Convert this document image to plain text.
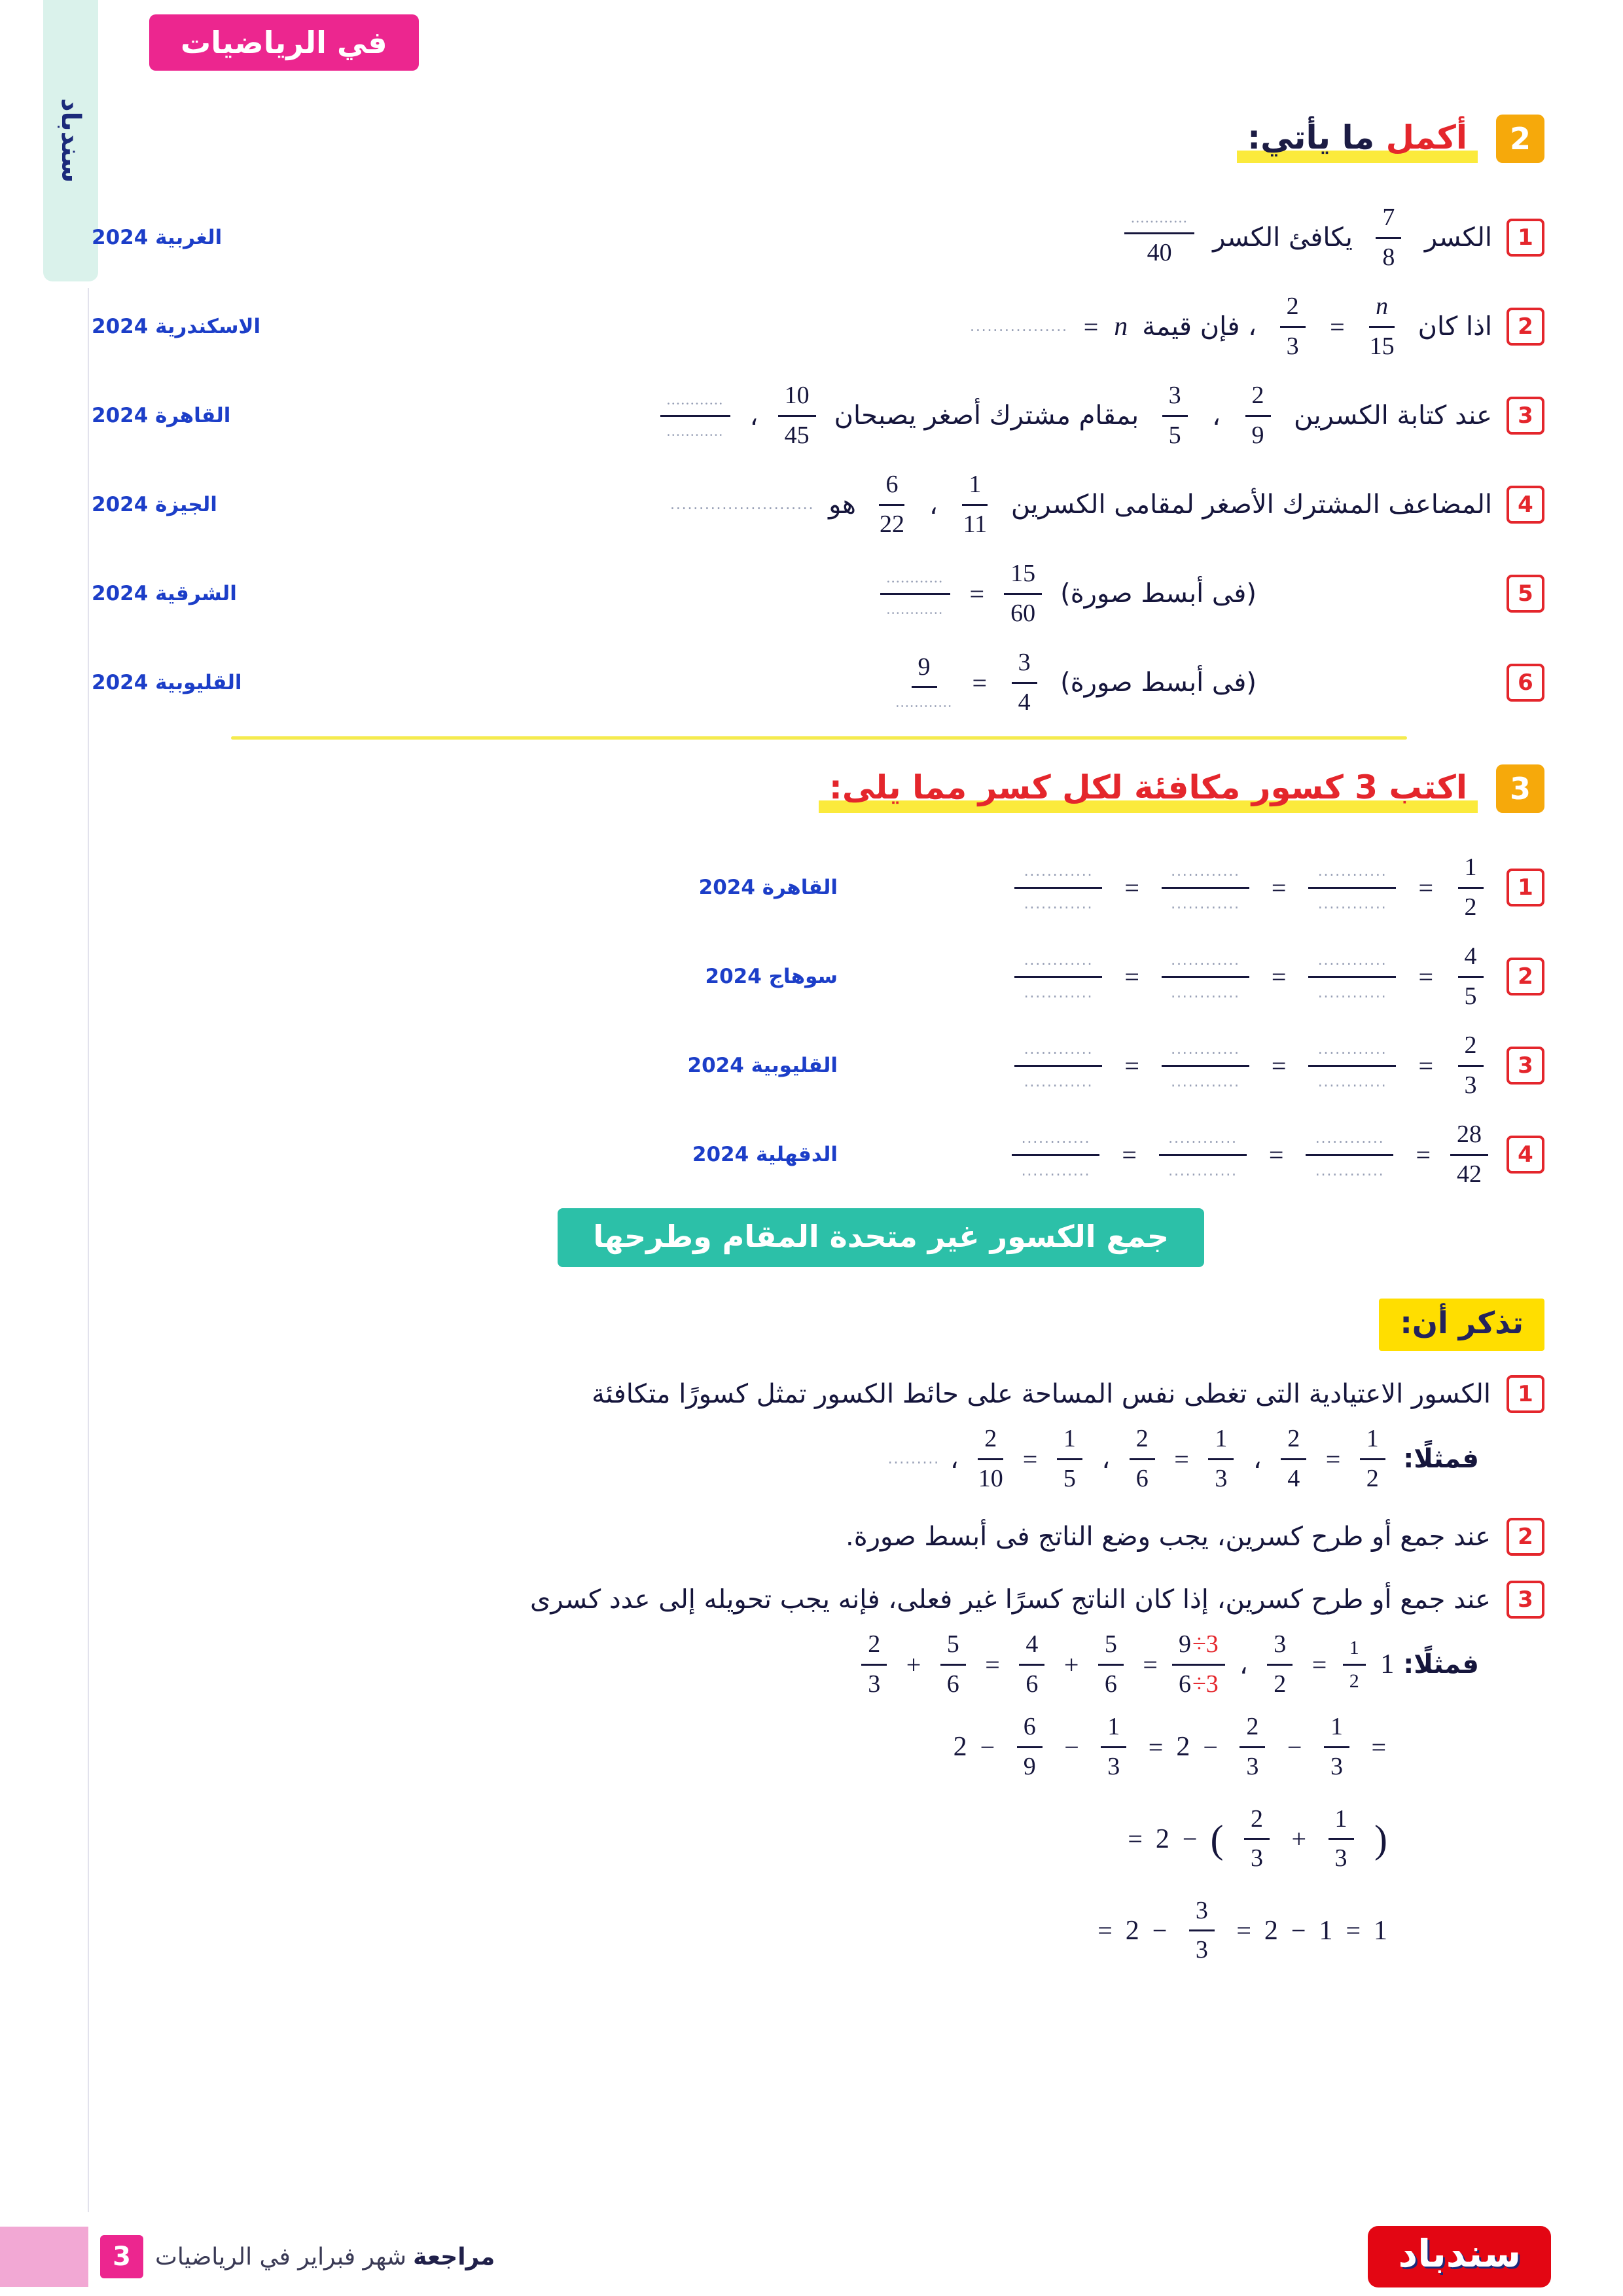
سندباد
في الرياضيات
2
أكمل ما يأتي:
1
الكسر
$\frac{7}{8}$
يكافئ الكسر
$\frac{............}{40}$
الغربية 2024
2
اذا كان
$\frac{n}{15}$
=
$\frac{2}{3}$
، فإن قيمة
n
=
.................
الاسكندرية 2024
3
عند كتابة الكسرين
$\frac{2}{9}$
،
$\frac{3}{5}$
بمقام مشترك أصغر يصبحان
$\frac{10}{45}$
،
$\frac{............}{............}$
القاهرة 2024
4
المضاعف المشترك الأصغر لمقامى الكسرين
$\frac{1}{11}$
،
$\frac{6}{22}$
هو
.........................
الجيزة 2024
5
(فى أبسط صورة)
$\frac{15}{60}$
=
$\frac{............}{............}$
الشرقية 2024
6
(فى أبسط صورة)
$\frac{3}{4}$
=
$\frac{9}{............}$
القليوبية 2024
3
اكتب 3 كسور مكافئة لكل كسر مما يلى:
1
$\frac{1}{2}$
=
............
............
=
............
............
=
............
............
القاهرة 2024
2
$\frac{4}{5}$
=
............
............
=
............
............
=
............
............
سوهاج 2024
3
$\frac{2}{3}$
=
............
............
=
............
............
=
............
............
القليوبية 2024
4
$\frac{28}{42}$
=
............
............
=
............
............
=
............
............
الدقهلية 2024
جمع الكسور غير متحدة المقام وطرحها
تذكر أن:
1
الكسور الاعتيادية التى تغطى نفس المساحة على حائط الكسور تمثل كسورًا متكافئة
فمثلًا:
$\frac{1}{2}$
=
$\frac{2}{4}$
،
$\frac{1}{3}$
=
$\frac{2}{6}$
،
$\frac{1}{5}$
=
$\frac{2}{10}$
،
.........
2
عند جمع أو طرح كسرين، يجب وضع الناتج فى أبسط صورة.
3
عند جمع أو طرح كسرين، إذا كان الناتج كسرًا غير فعلى، فإنه يجب تحويله إلى عدد كسرى
فمثلًا:
1
$\frac{1}{2}$
=
$\frac{3}{2}$
،
$\frac{9 \div 3}{6 \div 3}$
=
$\frac{5}{6}$
+
$\frac{4}{6}$
=
$\frac{5}{6}$
+
$\frac{2}{3}$
$2 - \frac{6}{9} - \frac{1}{3} = 2 - \frac{2}{3} - \frac{1}{3}$ =
= 2 − ( $\frac{2}{3} + \frac{1}{3}$ )
= $2 - \frac{3}{3} = 2 - 1 = 1$
3	مراجعة
شهر فبراير في الرياضيات	سندباد
